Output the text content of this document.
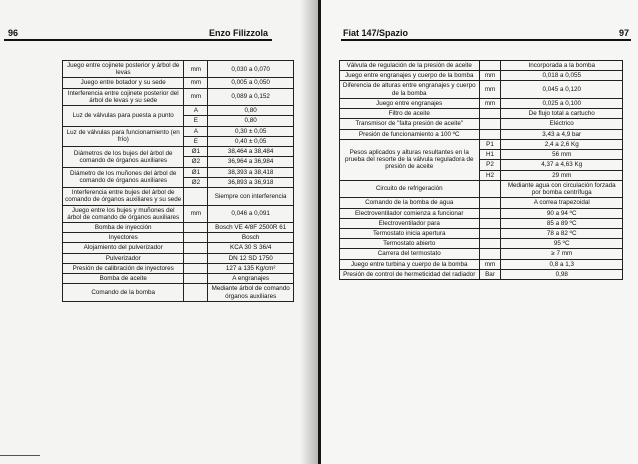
96	Enzo Filizzola
Juego entre cojinete posterior y árbol de levas	mm	0,030 a 0,070
Juego entre botador y su sede	mm	0,005 a 0,050
Interferencia entre cojinete posterior del árbol de levas y su sede	mm	0,089 a 0,152
Luz de válvulas para puesta a punto	A	0,80
	E	0,80
Luz de válvulas para funcionamiento (en frío)	A	0,30 ± 0,05
	E	0,40 ± 0,05
Diámetros de los bujes del árbol de comando de órganos auxiliares	Ø1	38,464 a 38,484
	Ø2	36,964 a 36,984
Diámetro de los muñones del árbol de comando de órganos auxiliares	Ø1	38,393 a 38,418
	Ø2	36,893 a 36,918
Interferencia entre bujes del árbol de comando de órganos auxiliares y su sede		Siempre con interferencia
Juego entre los bujes y muñones del árbol de comando de órganos auxiliares	mm	0,046 a 0,091
Bomba de inyección		Bosch VE 4/8F 2500R 61
Inyectores		Bosch
Alojamiento del pulverizador		KCA 30 S 36/4
Pulverizador		DN 12 SD 1750
Presión de calibración de inyectores		127 a 135 Kg/cm²
Bomba de aceite		A engranajes
Comando de la bomba		Mediante árbol de comando órganos auxiliares
Fiat 147/Spazio	97
Válvula de regulación de la presión de aceite		Incorporada a la bomba
Juego entre engranajes y cuerpo de la bomba	mm	0,018 a 0,055
Diferencia de alturas entre engranajes y cuerpo de la bomba	mm	0,045 a 0,120
Juego entre engranajes	mm	0,025 a 0,100
Filtro de aceite		De flujo total a cartucho
Transmisor de "falta presión de aceite"		Eléctrico
Presión de funcionamiento a 100 ºC		3,43 a 4,9 bar
Pesos aplicados y alturas resultantes en la prueba del resorte de la válvula reguladora de presión de aceite	P1	2,4 a 2,6 Kg
	H1	56 mm
	P2	4,37 a 4,63 Kg
	H2	29 mm
Circuito de refrigeración		Mediante agua con circulación forzada por bomba centrífuga
Comando de la bomba de agua		A correa trapezoidal
Electroventilador comienza a funcionar		90 a 94 ºC
Electroventilador para		85 a 89 ºC
Termostato inicia apertura		78 a 82 ºC
Termostato abierto		95 ºC
Carrera del termostato		≥ 7 mm
Juego entre turbina y cuerpo de la bomba	mm	0,8 a 1,3
Presión de control de hermeticidad del radiador	Bar	0,98
